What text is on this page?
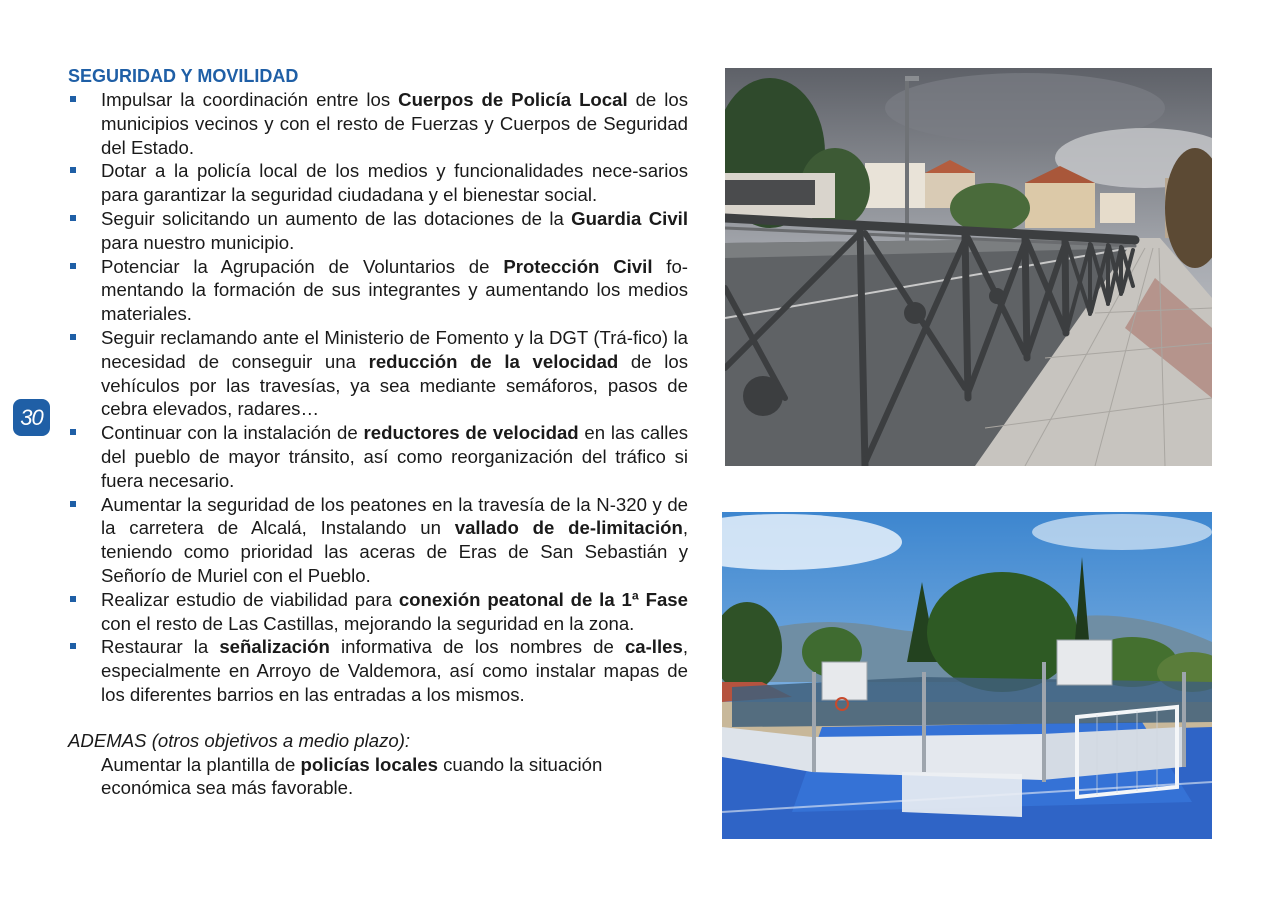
30
SEGURIDAD Y MOVILIDAD
Impulsar la coordinación entre los Cuerpos de Policía Local de los municipios vecinos y con el resto de Fuerzas y Cuerpos de Seguridad del Estado.
Dotar a la policía local de los medios y funcionalidades nece-sarios para garantizar la seguridad ciudadana y el bienestar social.
Seguir solicitando un aumento de las dotaciones de la Guardia Civil para nuestro municipio.
Potenciar la Agrupación de Voluntarios de Protección Civil fo-mentando la formación de sus integrantes y aumentando los medios materiales.
Seguir reclamando ante el Ministerio de Fomento y la DGT (Trá-fico) la necesidad de conseguir una reducción de la velocidad de los vehículos por las travesías, ya sea mediante semáforos, pasos de cebra elevados, radares…
Continuar con la instalación de reductores de velocidad en las calles del pueblo de mayor tránsito, así como reorganización del tráfico si fuera necesario.
Aumentar la seguridad de los peatones en la travesía de la N-320 y de la carretera de Alcalá, Instalando un vallado de de-limitación, teniendo como prioridad las aceras de Eras de San Sebastián y Señorío de Muriel con el Pueblo.
Realizar estudio de viabilidad para conexión peatonal de la 1ª Fase con el resto de Las Castillas, mejorando la seguridad en la zona.
Restaurar la señalización informativa de los nombres de ca-lles, especialmente en Arroyo de Valdemora, así como instalar mapas de los diferentes barrios en las entradas a los mismos.
ADEMAS (otros objetivos a medio plazo):
Aumentar la plantilla de policías locales cuando la situación económica sea más favorable.
